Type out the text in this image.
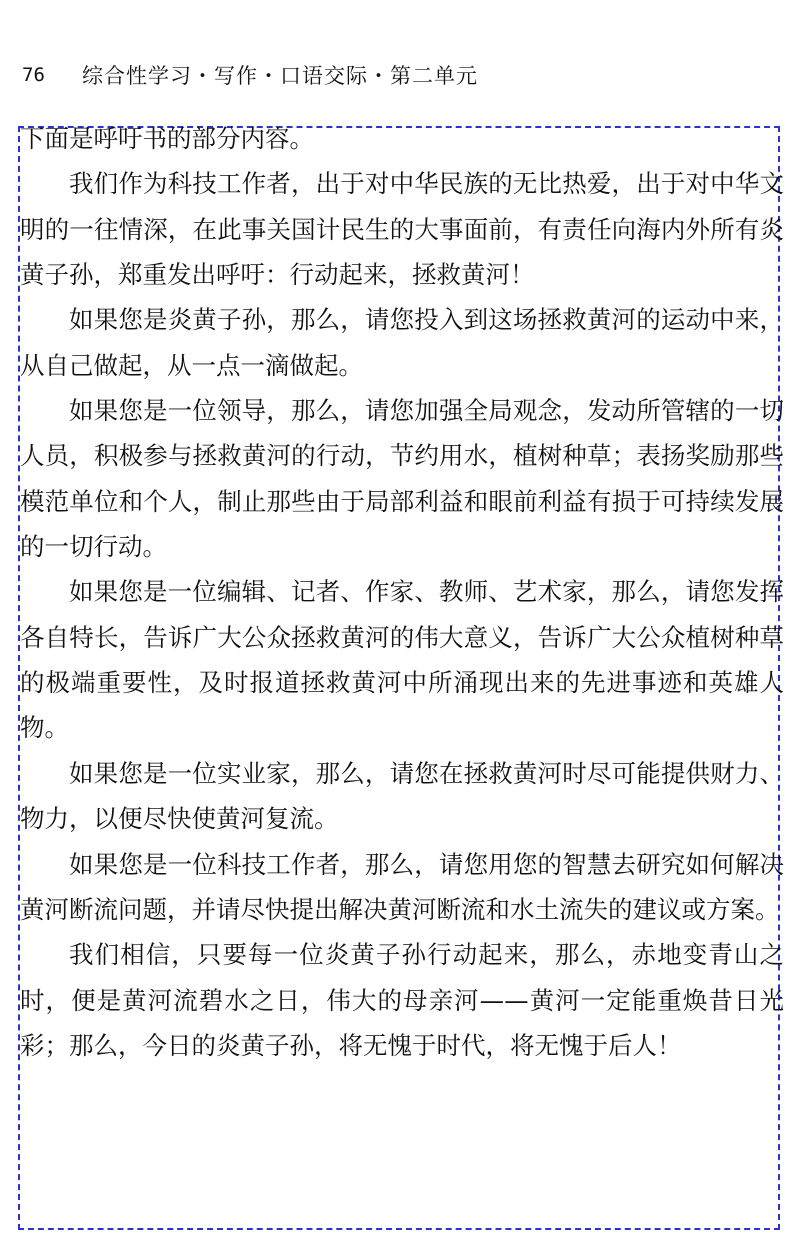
76	综合性学习・写作・口语交际・第二单元

下面是呼吁书的部分内容。

我们作为科技工作者，出于对中华民族的无比热爱，出于对中华文明的一往情深，在此事关国计民生的大事面前，有责任向海内外所有炎黄子孙，郑重发出呼吁：行动起来，拯救黄河！

如果您是炎黄子孙，那么，请您投入到这场拯救黄河的运动中来，从自己做起，从一点一滴做起。

如果您是一位领导，那么，请您加强全局观念，发动所管辖的一切人员，积极参与拯救黄河的行动，节约用水，植树种草；表扬奖励那些模范单位和个人，制止那些由于局部利益和眼前利益有损于可持续发展的一切行动。

如果您是一位编辑、记者、作家、教师、艺术家，那么，请您发挥各自特长，告诉广大公众拯救黄河的伟大意义，告诉广大公众植树种草的极端重要性，及时报道拯救黄河中所涌现出来的先进事迹和英雄人物。

如果您是一位实业家，那么，请您在拯救黄河时尽可能提供财力、物力，以便尽快使黄河复流。

如果您是一位科技工作者，那么，请您用您的智慧去研究如何解决黄河断流问题，并请尽快提出解决黄河断流和水土流失的建议或方案。

我们相信，只要每一位炎黄子孙行动起来，那么，赤地变青山之时，便是黄河流碧水之日，伟大的母亲河——黄河一定能重焕昔日光彩；那么，今日的炎黄子孙，将无愧于时代，将无愧于后人！
